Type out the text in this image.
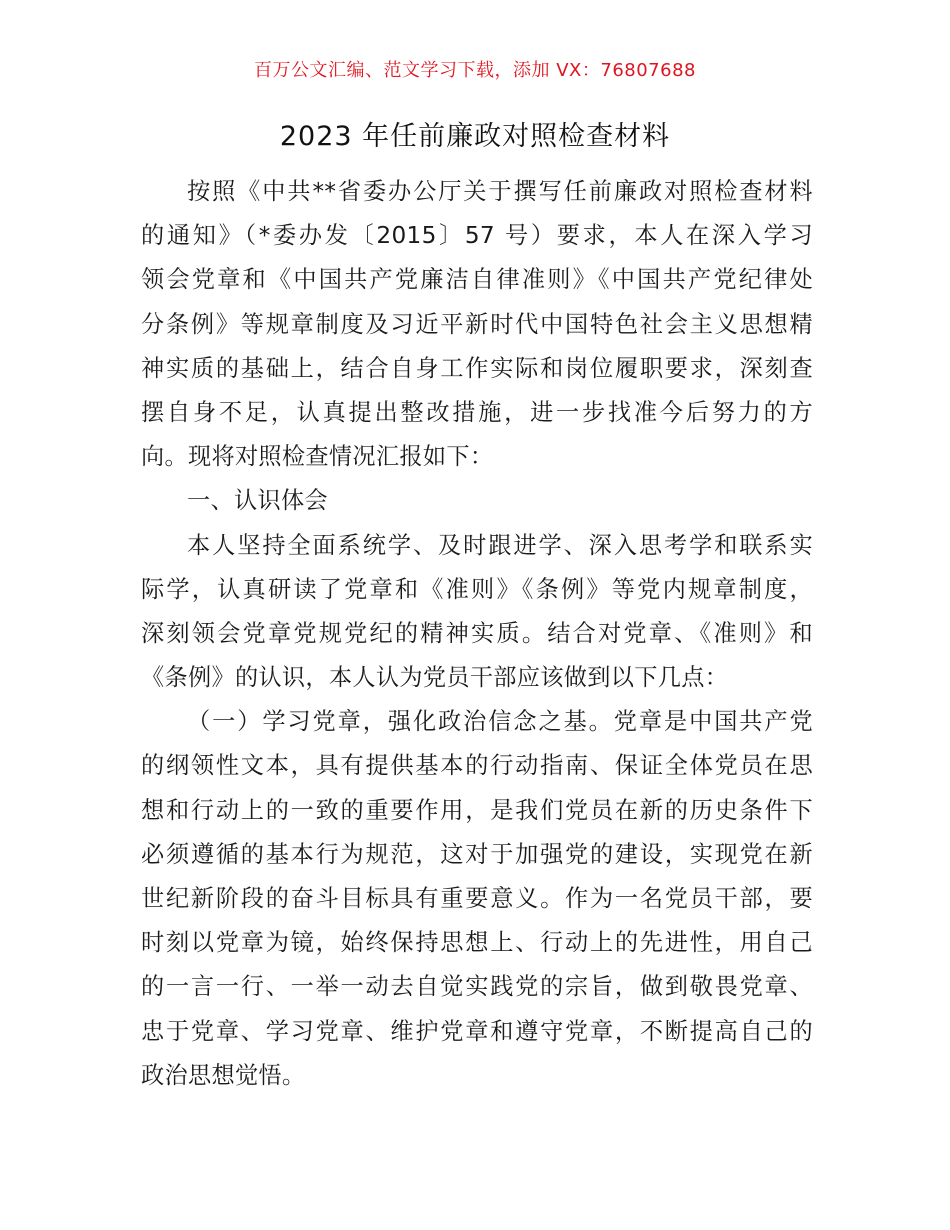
百万公文汇编、范文学习下载，添加 VX：76807688
2023 年任前廉政对照检查材料
按照《中共**省委办公厅关于撰写任前廉政对照检查材料
的通知》（*委办发〔2015〕57 号）要求，本人在深入学习
领会党章和《中国共产党廉洁自律准则》《中国共产党纪律处
分条例》等规章制度及习近平新时代中国特色社会主义思想精
神实质的基础上，结合自身工作实际和岗位履职要求，深刻查
摆自身不足，认真提出整改措施，进一步找准今后努力的方
向。现将对照检查情况汇报如下：
一、认识体会
本人坚持全面系统学、及时跟进学、深入思考学和联系实
际学，认真研读了党章和《准则》《条例》等党内规章制度，
深刻领会党章党规党纪的精神实质。结合对党章、《准则》和
《条例》的认识，本人认为党员干部应该做到以下几点：
（一）学习党章，强化政治信念之基。党章是中国共产党
的纲领性文本，具有提供基本的行动指南、保证全体党员在思
想和行动上的一致的重要作用，是我们党员在新的历史条件下
必须遵循的基本行为规范，这对于加强党的建设，实现党在新
世纪新阶段的奋斗目标具有重要意义。作为一名党员干部，要
时刻以党章为镜，始终保持思想上、行动上的先进性，用自己
的一言一行、一举一动去自觉实践党的宗旨，做到敬畏党章、
忠于党章、学习党章、维护党章和遵守党章，不断提高自己的
政治思想觉悟。
